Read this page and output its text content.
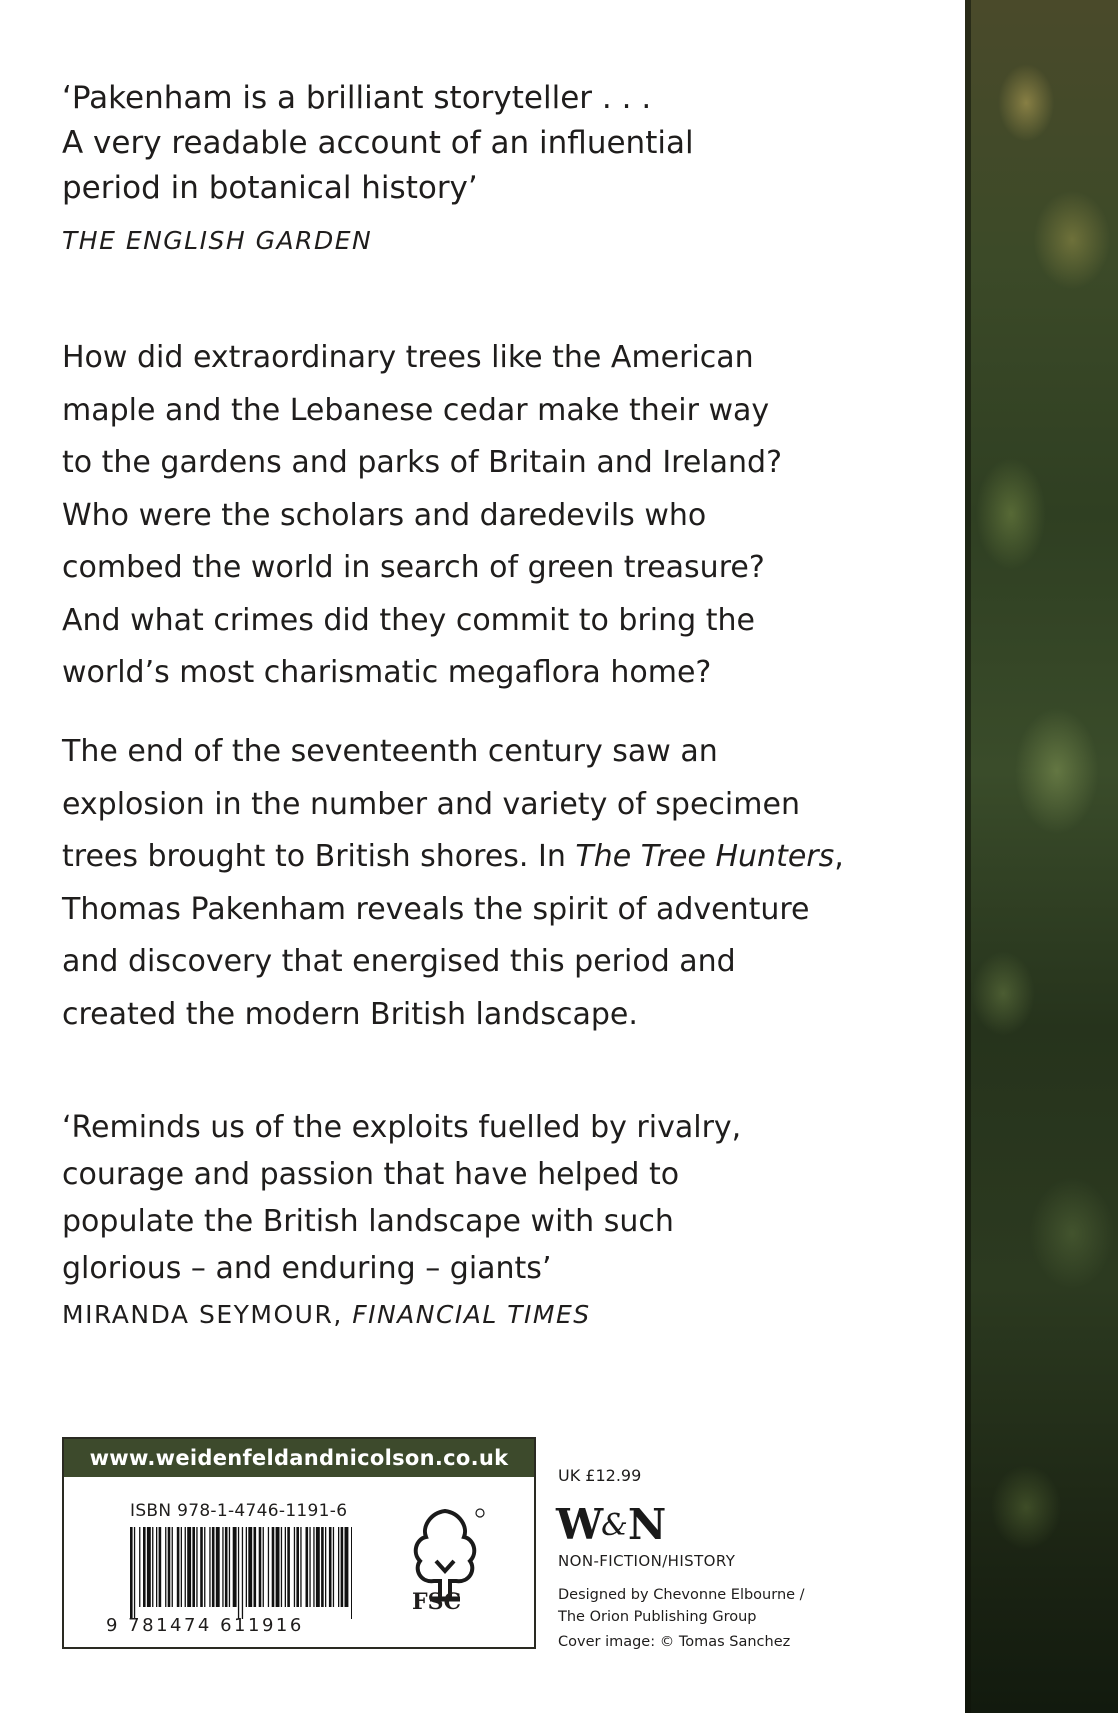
‘Pakenham is a brilliant storyteller . . .
A very readable account of an influential
period in botanical history’
THE ENGLISH GARDEN
How did extraordinary trees like the American
maple and the Lebanese cedar make their way
to the gardens and parks of Britain and Ireland?
Who were the scholars and daredevils who
combed the world in search of green treasure?
And what crimes did they commit to bring the
world’s most charismatic megaflora home?
The end of the seventeenth century saw an
explosion in the number and variety of specimen
trees brought to British shores. In The Tree Hunters,
Thomas Pakenham reveals the spirit of adventure
and discovery that energised this period and
created the modern British landscape.
‘Reminds us of the exploits fuelled by rivalry,
courage and passion that have helped to
populate the British landscape with such
glorious – and enduring – giants’
MIRANDA SEYMOUR, FINANCIAL TIMES
www.weidenfeldandnicolson.co.uk
ISBN 978-1-4746-1191-6
9 781474 611916
FSC
UK £12.99
W&N
NON-FICTION/HISTORY
Designed by Chevonne Elbourne /
The Orion Publishing Group
Cover image: © Tomas Sanchez
